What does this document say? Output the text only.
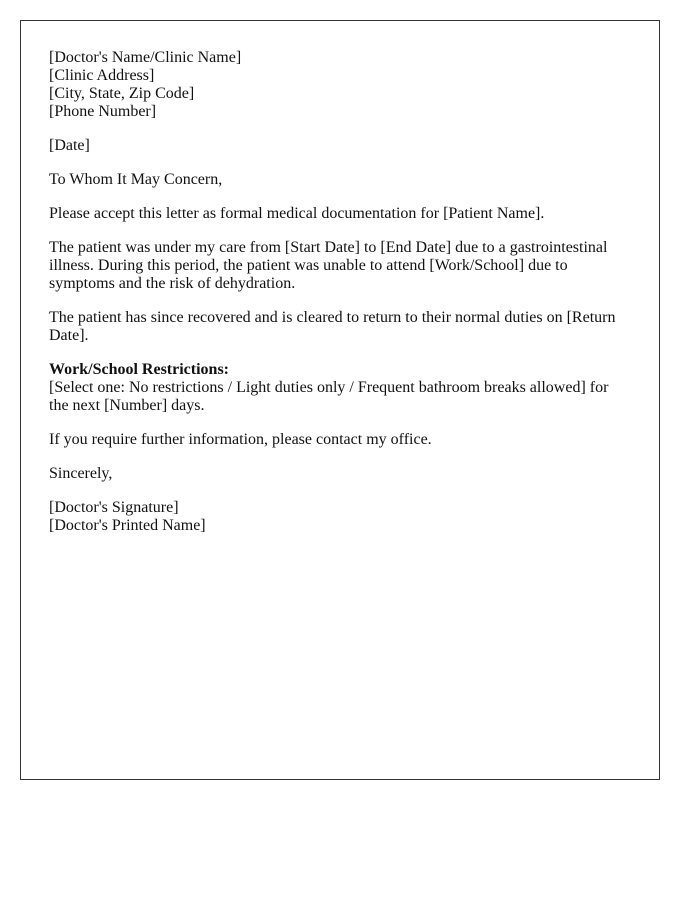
[Doctor's Name/Clinic Name]
[Clinic Address]
[City, State, Zip Code]
[Phone Number]

[Date]

To Whom It May Concern,

Please accept this letter as formal medical documentation for [Patient Name].

The patient was under my care from [Start Date] to [End Date] due to a gastrointestinal illness. During this period, the patient was unable to attend [Work/School] due to symptoms and the risk of dehydration.

The patient has since recovered and is cleared to return to their normal duties on [Return Date].

Work/School Restrictions:
[Select one: No restrictions / Light duties only / Frequent bathroom breaks allowed] for the next [Number] days.

If you require further information, please contact my office.

Sincerely,

[Doctor's Signature]
[Doctor's Printed Name]
